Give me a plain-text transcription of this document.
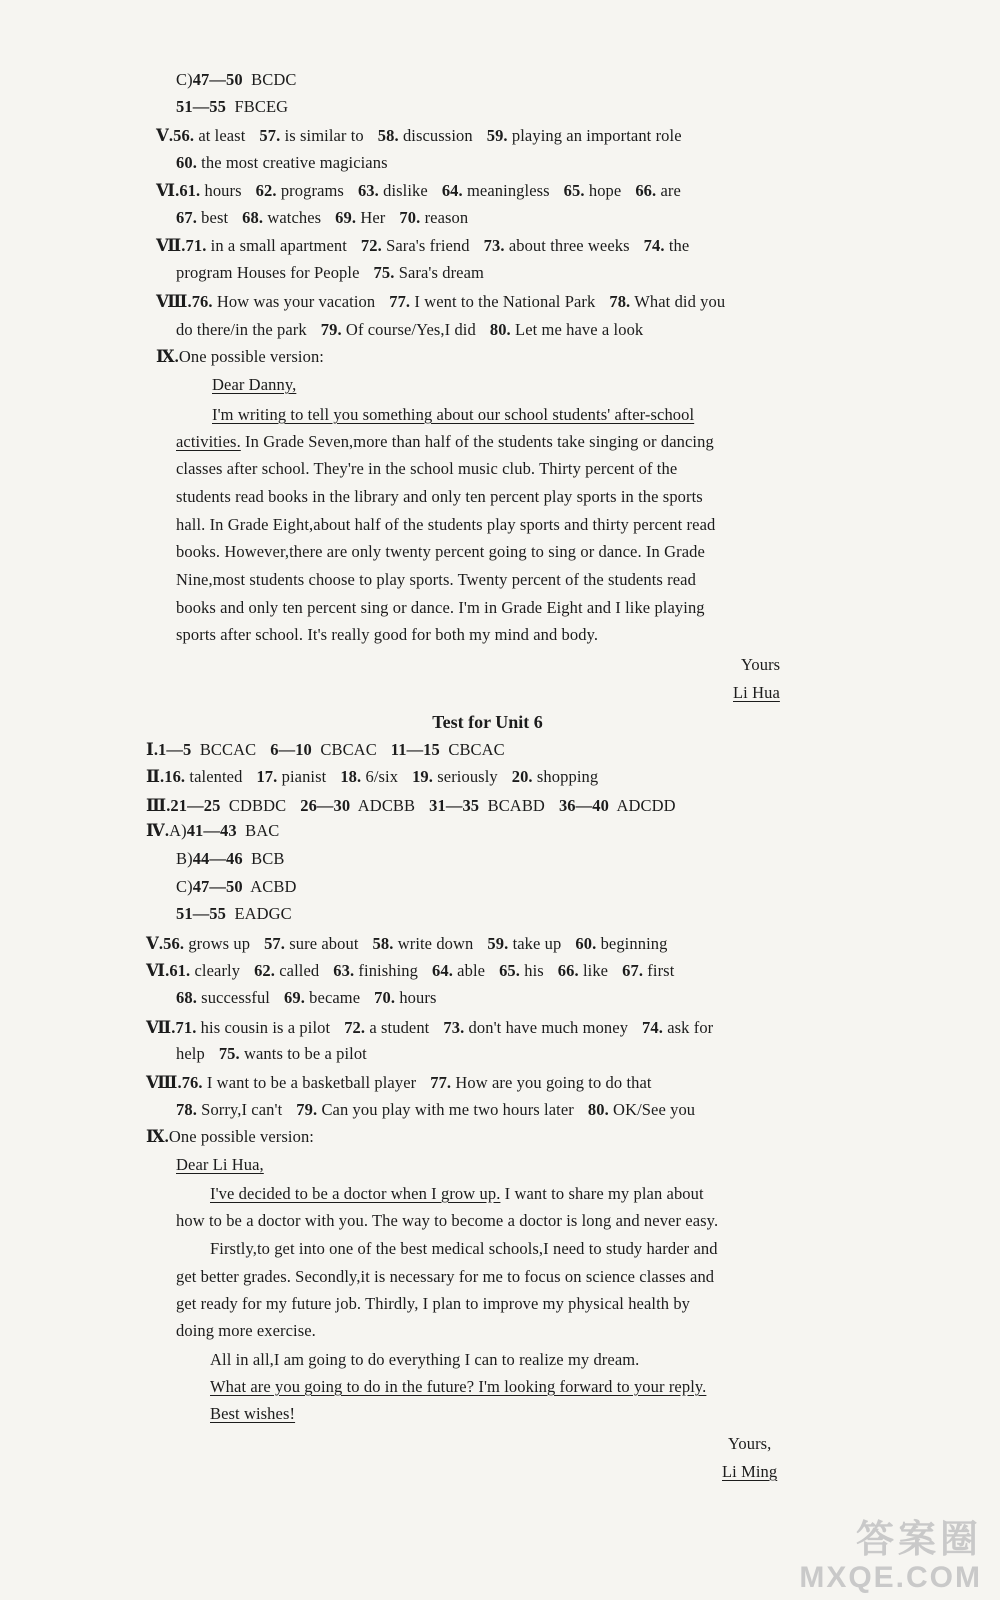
C)47—50 BCDC
51—55 FBCEG
Ⅴ.56. at least 57. is similar to 58. discussion 59. playing an important role
60. the most creative magicians
Ⅵ.61. hours 62. programs 63. dislike 64. meaningless 65. hope 66. are
67. best 68. watches 69. Her 70. reason
Ⅶ.71. in a small apartment 72. Sara's friend 73. about three weeks 74. the
program Houses for People 75. Sara's dream
Ⅷ.76. How was your vacation 77. I went to the National Park 78. What did you
do there/in the park 79. Of course/Yes,I did 80. Let me have a look
Ⅸ.One possible version:
Dear Danny,
I'm writing to tell you something about our school students' after-school
activities. In Grade Seven,more than half of the students take singing or dancing
classes after school. They're in the school music club. Thirty percent of the
students read books in the library and only ten percent play sports in the sports
hall. In Grade Eight,about half of the students play sports and thirty percent read
books. However,there are only twenty percent going to sing or dance. In Grade
Nine,most students choose to play sports. Twenty percent of the students read
books and only ten percent sing or dance. I'm in Grade Eight and I like playing
sports after school. It's really good for both my mind and body.
Yours
Li Hua
Test for Unit 6
Ⅰ.1—5 BCCAC 6—10 CBCAC 11—15 CBCAC
Ⅱ.16. talented 17. pianist 18. 6/six 19. seriously 20. shopping
Ⅲ.21—25 CDBDC 26—30 ADCBB 31—35 BCABD 36—40 ADCDD
Ⅳ.A)41—43 BAC
B)44—46 BCB
C)47—50 ACBD
51—55 EADGC
Ⅴ.56. grows up 57. sure about 58. write down 59. take up 60. beginning
Ⅵ.61. clearly 62. called 63. finishing 64. able 65. his 66. like 67. first
68. successful 69. became 70. hours
Ⅶ.71. his cousin is a pilot 72. a student 73. don't have much money 74. ask for
help 75. wants to be a pilot
Ⅷ.76. I want to be a basketball player 77. How are you going to do that
78. Sorry,I can't 79. Can you play with me two hours later 80. OK/See you
Ⅸ.One possible version:
Dear Li Hua,
I've decided to be a doctor when I grow up. I want to share my plan about
how to be a doctor with you. The way to become a doctor is long and never easy.
Firstly,to get into one of the best medical schools,I need to study harder and
get better grades. Secondly,it is necessary for me to focus on science classes and
get ready for my future job. Thirdly, I plan to improve my physical health by
doing more exercise.
All in all,I am going to do everything I can to realize my dream.
What are you going to do in the future? I'm looking forward to your reply.
Best wishes!
Yours,
Li Ming
答案圈
MXQE.COM
